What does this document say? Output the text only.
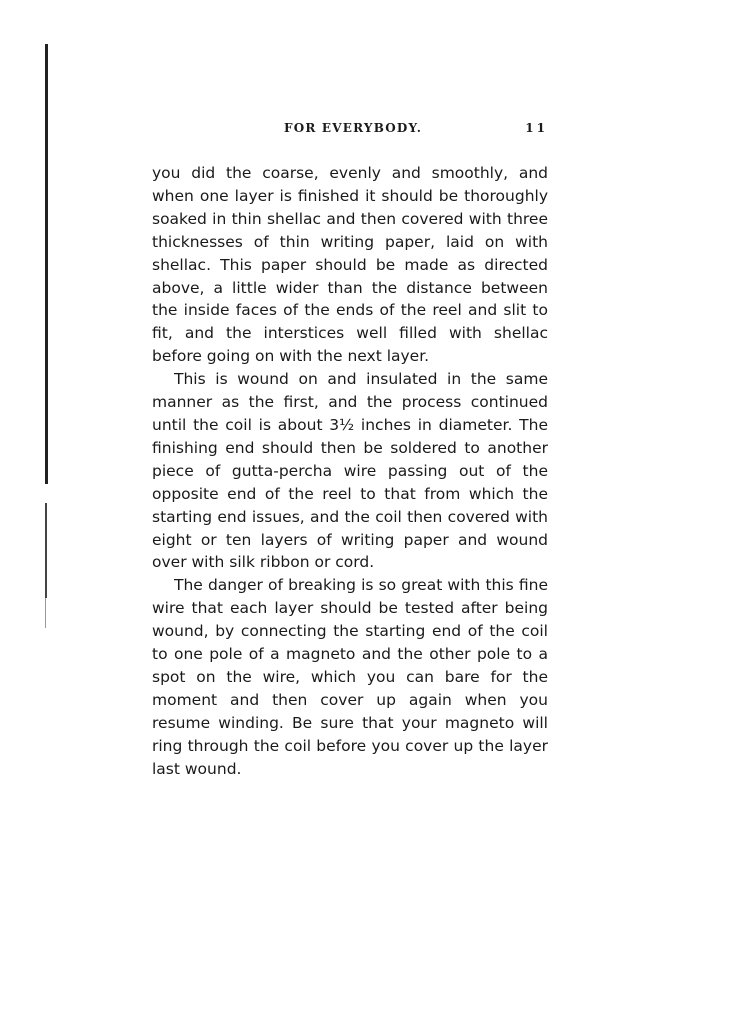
FOR EVERYBODY.	11

you did the coarse, evenly and smoothly, and when one layer is finished it should be thoroughly soaked in thin shellac and then covered with three thicknesses of thin writing paper, laid on with shellac. This paper should be made as directed above, a little wider than the distance between the inside faces of the ends of the reel and slit to fit, and the interstices well filled with shellac before going on with the next layer.

This is wound on and insulated in the same manner as the first, and the process continued until the coil is about 3½ inches in diameter. The finishing end should then be soldered to another piece of gutta-percha wire passing out of the opposite end of the reel to that from which the starting end issues, and the coil then covered with eight or ten layers of writing paper and wound over with silk ribbon or cord.

The danger of breaking is so great with this fine wire that each layer should be tested after being wound, by connecting the starting end of the coil to one pole of a magneto and the other pole to a spot on the wire, which you can bare for the moment and then cover up again when you resume winding. Be sure that your magneto will ring through the coil before you cover up the layer last wound.
